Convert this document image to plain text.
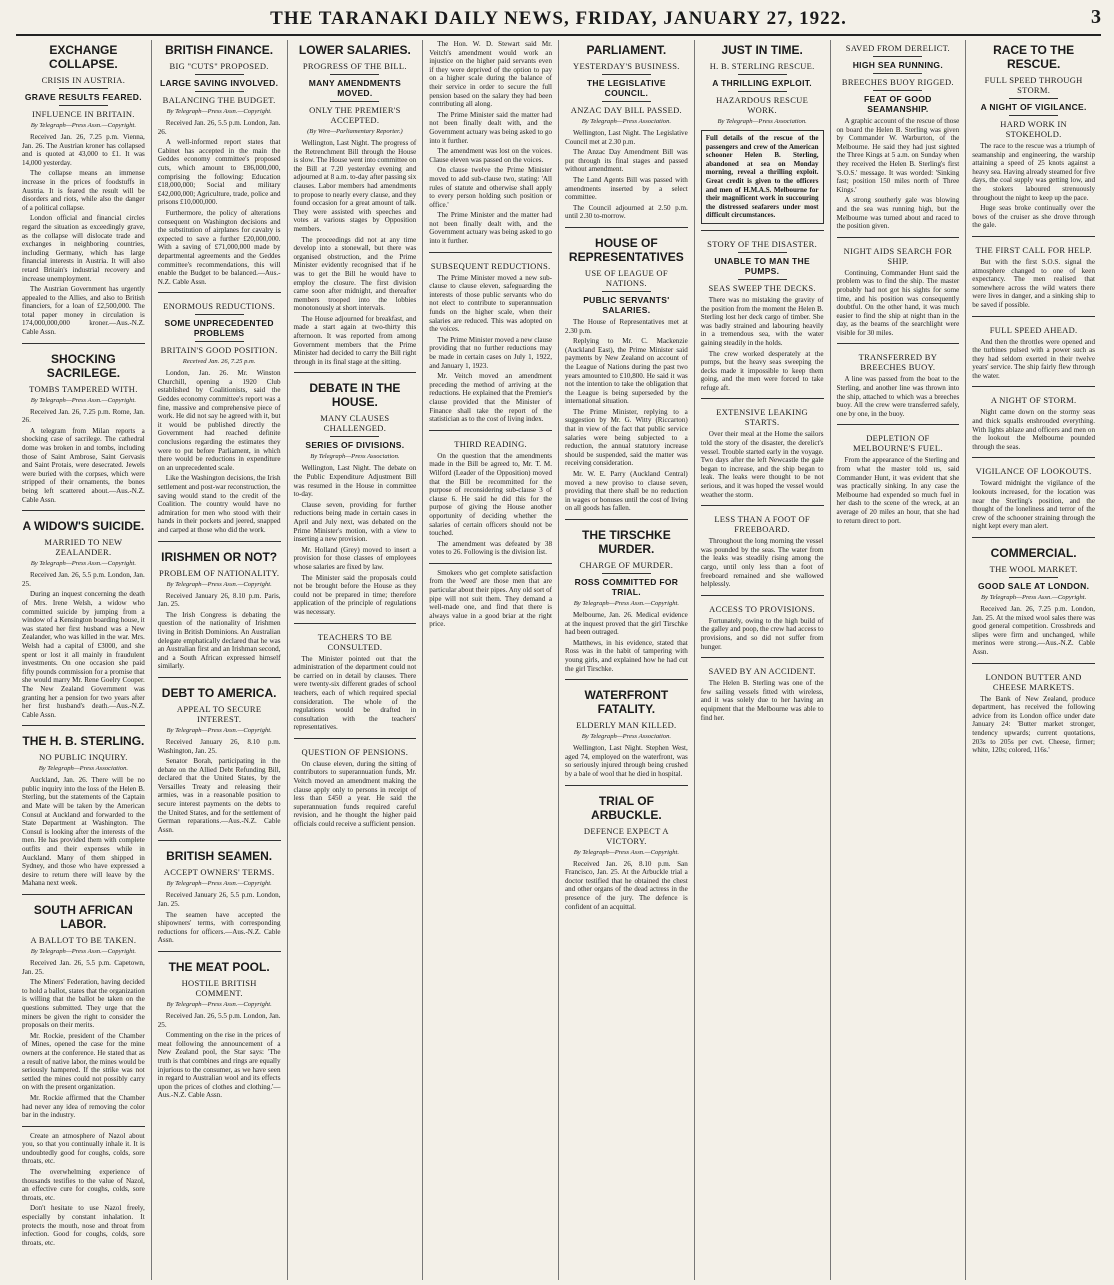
THE TARANAKI DAILY NEWS, FRIDAY, JANUARY 27, 1922.	3
EXCHANGE COLLAPSE.
CRISIS IN AUSTRIA.
GRAVE RESULTS FEARED.
INFLUENCE IN BRITAIN.
By Telegraph—Press Assn.—Copyright.

Received Jan. 26, 7.25 p.m. Vienna, Jan. 26. The Austrian kroner has collapsed and is quoted at 43,000 to £1. It was 14,000 yesterday.

The collapse means an immense increase in the prices of foodstuffs in Austria. It is feared the result will be disorders and riots, while also the danger of a political collapse.

London official and financial circles regard the situation as exceedingly grave, as the collapse will dislocate trade and exchanges in neighboring countries, including Germany, which has large financial interests in Austria. It will also retard Britain's industrial recovery and increase unemployment.

The Austrian Government has urgently appealed to the Allies, and also to British financiers, for a loan of £2,500,000. The total paper money in circulation is 174,000,000,000 kroner.—Aus.-N.Z. Cable Assn.

SHOCKING SACRILEGE.
TOMBS TAMPERED WITH.
By Telegraph—Press Assn.—Copyright.

Received Jan. 26, 7.25 p.m. Rome, Jan. 26.

A telegram from Milan reports a shocking case of sacrilege. The cathedral dome was broken in and tombs, including those of Saint Ambrose, Saint Gervasis and Saint Protais, were desecrated. Jewels were buried with the corpses, which were stripped of their ornaments, the bones being left scattered about.—Aus.-N.Z. Cable Assn.

A WIDOW'S SUICIDE.
MARRIED TO NEW ZEALANDER.
By Telegraph—Press Assn.—Copyright.

Received Jan. 26, 5.5 p.m. London, Jan. 25.

During an inquest concerning the death of Mrs. Irene Welsh, a widow who committed suicide by jumping from a window of a Kensington boarding house, it was stated her first husband was a New Zealander, who was killed in the war. Mrs. Welsh had a capital of £3000, and she spent or lost it all mainly in fraudulent investments. On one occasion she paid fifty pounds commission for a promise that she would marry Mr. Rene Goelry Cooper. The New Zealand Government was granting her a pension for two years after her first husband's death.—Aus.-N.Z. Cable Assn.

THE H. B. STERLING.
NO PUBLIC INQUIRY.
By Telegraph—Press Association.

Auckland, Jan. 26. There will be no public inquiry into the loss of the Helen B. Sterling, but the statements of the Captain and Mate will be taken by the American Consul at Auckland and forwarded to the State Department at Washington. The Consul is looking after the interests of the men. He has provided them with complete outfits and their expenses while in Auckland. Many of them shipped in Sydney, and those who have expressed a desire to return there will leave by the Mahana next week.

SOUTH AFRICAN LABOR.
A BALLOT TO BE TAKEN.
By Telegraph—Press Assn.—Copyright.

Received Jan. 26, 5.5 p.m. Capetown, Jan. 25.

The Miners' Federation, having decided to hold a ballot, states that the organization is willing that the ballot be taken on the questions submitted. They urge that the miners be given the right to consider the proposals on their merits.

Mr. Rockie, president of the Chamber of Mines, opened the case for the mine owners at the conference. He stated that as a result of native labor, the mines would be seriously hampered. If the strike was not settled the mines could not possibly carry on with the present organization.

Mr. Rockie affirmed that the Chamber had never any idea of removing the color bar in the industry.

Create an atmosphere of Nazol about you, so that you continually inhale it. It is undoubtedly good for coughs, colds, sore throats, etc.

The overwhelming experience of thousands testifies to the value of Nazol, an effective cure for coughs, colds, sore throats, etc.

Don't hesitate to use Nazol freely, especially by constant inhalation. It protects the mouth, nose and throat from infection. Good for coughs, colds, sore throats, etc.

BRITISH FINANCE.
BIG "CUTS" PROPOSED.
LARGE SAVING INVOLVED.
BALANCING THE BUDGET.
By Telegraph—Press Assn.—Copyright.

Received Jan. 26, 5.5 p.m. London, Jan. 26.

A well-informed report states that Cabinet has accepted in the main the Geddes economy committee's proposed cuts, which amount to £86,000,000, comprising the following: Education £18,000,000; Social and military £42,000,000; Agriculture, trade, police and prisons £10,000,000.

Furthermore, the policy of alterations consequent on Washington decisions and the substitution of airplanes for cavalry is expected to save a further £20,000,000. With a saving of £71,000,000 made by departmental agreements and the Geddes committee's recommendations, this will enable the Budget to be balanced.—Aus.-N.Z. Cable Assn.

ENORMOUS REDUCTIONS.
SOME UNPRECEDENTED PROBLEMS
BRITAIN'S GOOD POSITION.
Received Jan. 26, 7.25 p.m.

London, Jan. 26. Mr. Winston Churchill, opening a 1920 Club established by Coalitionists, said the Geddes economy committee's report was a fine, massive and comprehensive piece of work. He did not say he agreed with it, but it would be published directly the Government had reached definite conclusions regarding the estimates they were to put before Parliament, in which there would be reductions in expenditure on an unprecedented scale.

Like the Washington decisions, the Irish settlement and post-war reconstruction, the saving would stand to the credit of the Coalition. The country would have no admiration for men who stood with their hands in their pockets and jeered, snapped and carped at those who did the work.

IRISHMEN OR NOT?
PROBLEM OF NATIONALITY.
By Telegraph—Press Assn.—Copyright.

Received January 26, 8.10 p.m. Paris, Jan. 25.

The Irish Congress is debating the question of the nationality of Irishmen living in British Dominions. An Australian delegate emphatically declared that he was an Australian first and an Irishman second, and a South African expressed himself similarly.

DEBT TO AMERICA.
APPEAL TO SECURE INTEREST.
By Telegraph—Press Assn.—Copyright.

Received January 26, 8.10 p.m. Washington, Jan. 25.

Senator Borah, participating in the debate on the Allied Debt Refunding Bill, declared that the United States, by the Versailles Treaty and releasing their armies, was in a reasonable position to secure interest payments on the debts to the United States, and for the settlement of German reparations.—Aus.-N.Z. Cable Assn.

BRITISH SEAMEN.
ACCEPT OWNERS' TERMS.
By Telegraph—Press Assn.—Copyright.

Received January 26, 5.5 p.m. London, Jan. 25.

The seamen have accepted the shipowners' terms, with corresponding reductions for officers.—Aus.-N.Z. Cable Assn.

THE MEAT POOL.
HOSTILE BRITISH COMMENT.
By Telegraph—Press Assn.—Copyright.

Received Jan. 26, 5.5 p.m. London, Jan. 25.

Commenting on the rise in the prices of meat following the announcement of a New Zealand pool, the Star says: 'The truth is that combines and rings are equally injurious to the consumer, as we have seen in regard to Australian wool and its effects upon the prices of clothes and clothing.'—Aus.-N.Z. Cable Assn.

LOWER SALARIES.
PROGRESS OF THE BILL.
MANY AMENDMENTS MOVED.
ONLY THE PREMIER'S ACCEPTED.
(By Wire—Parliamentary Reporter.)

Wellington, Last Night. The progress of the Retrenchment Bill through the House is slow. The House went into committee on the Bill at 7.20 yesterday evening and adjourned at 8 a.m. to-day after passing six clauses. Labor members had amendments to propose to nearly every clause, and they found occasion for a great amount of talk. They were assisted with speeches and votes at various stages by Opposition members.

The proceedings did not at any time develop into a stonewall, but there was organised obstruction, and the Prime Minister evidently recognised that if he was to get the Bill he would have to employ the closure. The first division came soon after midnight, and thereafter members trooped into the lobbies monotonously at short intervals.

The House adjourned for breakfast, and made a start again at two-thirty this afternoon. It was reported from among Government members that the Prime Minister had decided to carry the Bill right through in its final stage at the sitting.

DEBATE IN THE HOUSE.
MANY CLAUSES CHALLENGED.
SERIES OF DIVISIONS.
By Telegraph—Press Association.

Wellington, Last Night. The debate on the Public Expenditure Adjustment Bill was resumed in the House in committee to-day.

Clause seven, providing for further reductions being made in certain cases in April and July next, was debated on the Prime Minister's motion, with a view to inserting a new provision.

Mr. Holland (Grey) moved to insert a provision for those classes of employees whose salaries are fixed by law.

The Minister said the proposals could not be brought before the House as they could not be prepared in time; therefore application of the principle of regulations was necessary.

TEACHERS TO BE CONSULTED.

The Minister pointed out that the administration of the department could not be carried on in detail by clauses. There were twenty-six different grades of school teachers, each of which required special consideration. The whole of the regulations would be drafted in consultation with the teachers' representatives.

QUESTION OF PENSIONS.

On clause eleven, during the sitting of contributors to superannuation funds, Mr. Veitch moved an amendment making the clause apply only to persons in receipt of less than £450 a year. He said the superannuation funds required careful revision, and he thought the higher paid officials could receive a sufficient pension.

The Hon. W. D. Stewart said Mr. Veitch's amendment would work an injustice on the higher paid servants even if they were deprived of the option to pay on a higher scale during the balance of their service in order to secure the full pension based on the salary they had been contributing all along.

The Prime Minister said the matter had not been finally dealt with, and the Government actuary was being asked to go into it further.

The amendment was lost on the voices. Clause eleven was passed on the voices.

On clause twelve the Prime Minister moved to add sub-clause two, stating: 'All rules of statute and otherwise shall apply to every person holding such position or office.'

The Prime Minister and the matter had not been finally dealt with, and the Government actuary was being asked to go into it further.

SUBSEQUENT REDUCTIONS.

The Prime Minister moved a new sub-clause to clause eleven, safeguarding the interests of those public servants who do not elect to contribute to superannuation funds on the higher scale, when their salaries are reduced. This was adopted on the voices.

The Prime Minister moved a new clause providing that no further reductions may be made in certain cases on July 1, 1922, and January 1, 1923.

Mr. Veitch moved an amendment preceding the method of arriving at the reductions. He explained that the Premier's clause provided that the Minister of Finance shall take the report of the statistician as to the cost of living index.

THIRD READING.

On the question that the amendments made in the Bill be agreed to, Mr. T. M. Wilford (Leader of the Opposition) moved that the Bill be recommitted for the purpose of reconsidering sub-clause 3 of clause 6. He said he did this for the purpose of giving the House another opportunity of deciding whether the salaries of certain officers should not be touched.

The amendment was defeated by 38 votes to 26. Following is the division list.

Smokers who get complete satisfaction from the 'weed' are those men that are particular about their pipes. Any old sort of pipe will not suit them. They demand a well-made one, and find that there is always value in a good briar at the right price.

PARLIAMENT.
YESTERDAY'S BUSINESS.
THE LEGISLATIVE COUNCIL.
ANZAC DAY BILL PASSED.
By Telegraph—Press Association.

Wellington, Last Night. The Legislative Council met at 2.30 p.m.

The Anzac Day Amendment Bill was put through its final stages and passed without amendment.

The Land Agents Bill was passed with amendments inserted by a select committee.

The Council adjourned at 2.50 p.m. until 2.30 to-morrow.

HOUSE OF REPRESENTATIVES
USE OF LEAGUE OF NATIONS.
PUBLIC SERVANTS' SALARIES.

The House of Representatives met at 2.30 p.m.

Replying to Mr. C. Mackenzie (Auckland East), the Prime Minister said payments by New Zealand on account of the League of Nations during the past two years amounted to £10,800. He said it was not the intention to take the obligation that the League is being superseded by the international situation.

The Prime Minister, replying to a suggestion by Mr. G. Witty (Riccarton) that in view of the fact that public service salaries were being subjected to a reduction, the annual statutory increase should be suspended, said the matter was receiving consideration.

Mr. W. E. Parry (Auckland Central) moved a new proviso to clause seven, providing that there shall be no reduction in wages or bonuses until the cost of living on all goods has fallen.

THE TIRSCHKE MURDER.
CHARGE OF MURDER.
ROSS COMMITTED FOR TRIAL.
By Telegraph—Press Assn.—Copyright.

Melbourne, Jan. 26. Medical evidence at the inquest proved that the girl Tirschke had been outraged.

Matthews, in his evidence, stated that Ross was in the habit of tampering with young girls, and explained how he had cut the girl Tirschke.

WATERFRONT FATALITY.
ELDERLY MAN KILLED.
By Telegraph—Press Association.

Wellington, Last Night. Stephen West, aged 74, employed on the waterfront, was so seriously injured through being crushed by a bale of wool that he died in hospital.

TRIAL OF ARBUCKLE.
DEFENCE EXPECT A VICTORY.
By Telegraph—Press Assn.—Copyright.

Received Jan. 26, 8.10 p.m. San Francisco, Jan. 25. At the Arbuckle trial a doctor testified that he obtained the chest and other organs of the dead actress in the presence of the jury. The defence is confident of an acquittal.

JUST IN TIME.
H. B. STERLING RESCUE.
A THRILLING EXPLOIT.
HAZARDOUS RESCUE WORK.
By Telegraph—Press Association.
Full details of the rescue of the passengers and crew of the American schooner Helen B. Sterling, abandoned at sea on Monday morning, reveal a thrilling exploit. Great credit is given to the officers and men of H.M.A.S. Melbourne for their magnificent work in succouring the distressed seafarers under most difficult circumstances.
STORY OF THE DISASTER.
UNABLE TO MAN THE PUMPS.
SEAS SWEEP THE DECKS.

There was no mistaking the gravity of the position from the moment the Helen B. Sterling lost her deck cargo of timber. She was badly strained and labouring heavily in a tremendous sea, with the water gaining steadily in the holds.

The crew worked desperately at the pumps, but the heavy seas sweeping the decks made it impossible to keep them going, and the men were forced to take refuge aft.

EXTENSIVE LEAKING STARTS.

Over their meal at the Home the sailors told the story of the disaster, the derelict's vessel. Trouble started early in the voyage. Two days after the left Newcastle the gale began to increase, and the ship began to leak. The leaks were thought to be not serious, and it was hoped the vessel would weather the storm.

LESS THAN A FOOT OF FREEBOARD.

Throughout the long morning the vessel was pounded by the seas. The water from the leaks was steadily rising among the cargo, until only less than a foot of freeboard remained and she wallowed helplessly.

ACCESS TO PROVISIONS.

Fortunately, owing to the high build of the galley and poop, the crew had access to provisions, and so did not suffer from hunger.

SAVED BY AN ACCIDENT.

The Helen B. Sterling was one of the few sailing vessels fitted with wireless, and it was solely due to her having an equipment that the Melbourne was able to find her.

SAVED FROM DERELICT.
HIGH SEA RUNNING.
BREECHES BUOY RIGGED.
FEAT OF GOOD SEAMANSHIP.

A graphic account of the rescue of those on board the Helen B. Sterling was given by Commander W. Warburton, of the Melbourne. He said they had just sighted the Three Kings at 5 a.m. on Sunday when they received the Helen B. Sterling's first 'S.O.S.' message. It was worded: 'Sinking fast; position 150 miles north of Three Kings.'

A strong southerly gale was blowing and the sea was running high, but the Melbourne was turned about and raced to the position given.

NIGHT AIDS SEARCH FOR SHIP.

Continuing, Commander Hunt said the problem was to find the ship. The master probably had not got his sights for some time, and his position was consequently doubtful. On the other hand, it was much easier to find the ship at night than in the day, as the beams of the searchlight were visible for 30 miles.

TRANSFERRED BY BREECHES BUOY.

A line was passed from the boat to the Sterling, and another line was thrown into the ship, attached to which was a breeches buoy. All the crew were transferred safely, one by one, in the buoy.

DEPLETION OF MELBOURNE'S FUEL.

From the appearance of the Sterling and from what the master told us, said Commander Hunt, it was evident that she was practically sinking. In any case the Melbourne had expended so much fuel in her dash to the scene of the wreck, at an average of 20 miles an hour, that she had to return direct to port.

RACE TO THE RESCUE.
FULL SPEED THROUGH STORM.
A NIGHT OF VIGILANCE.
HARD WORK IN STOKEHOLD.

The race to the rescue was a triumph of seamanship and engineering, the warship attaining a speed of 25 knots against a heavy sea. Having already steamed for five days, the coal supply was getting low, and the stokers laboured strenuously throughout the night to keep up the pace.

Huge seas broke continually over the bows of the cruiser as she drove through the gale.

THE FIRST CALL FOR HELP.

But with the first S.O.S. signal the atmosphere changed to one of keen expectancy. The men realised that somewhere across the wild waters there were lives in danger, and a sinking ship to be saved if possible.

FULL SPEED AHEAD.

And then the throttles were opened and the turbines pulsed with a power such as they had seldom exerted in their twelve years' service. The ship fairly flew through the water.

A NIGHT OF STORM.

Night came down on the stormy seas and thick squalls enshrouded everything. With lights ablaze and officers and men on the lookout the Melbourne pounded through the seas.

VIGILANCE OF LOOKOUTS.

Toward midnight the vigilance of the lookouts increased, for the location was near the Sterling's position, and the thought of the loneliness and terror of the crew of the schooner straining through the night kept every man alert.

COMMERCIAL.
THE WOOL MARKET.
GOOD SALE AT LONDON.
By Telegraph—Press Assn.—Copyright.

Received Jan. 26, 7.25 p.m. London, Jan. 25. At the mixed wool sales there was good general competition. Crossbreds and slipes were firm and unchanged, while merinos were strong.—Aus.-N.Z. Cable Assn.

LONDON BUTTER AND CHEESE MARKETS.

The Bank of New Zealand, produce department, has received the following advice from its London office under date January 24: 'Butter market stronger, tendency upwards; current quotations, 203s to 205s per cwt. Cheese, firmer; white, 120s; colored, 116s.'
